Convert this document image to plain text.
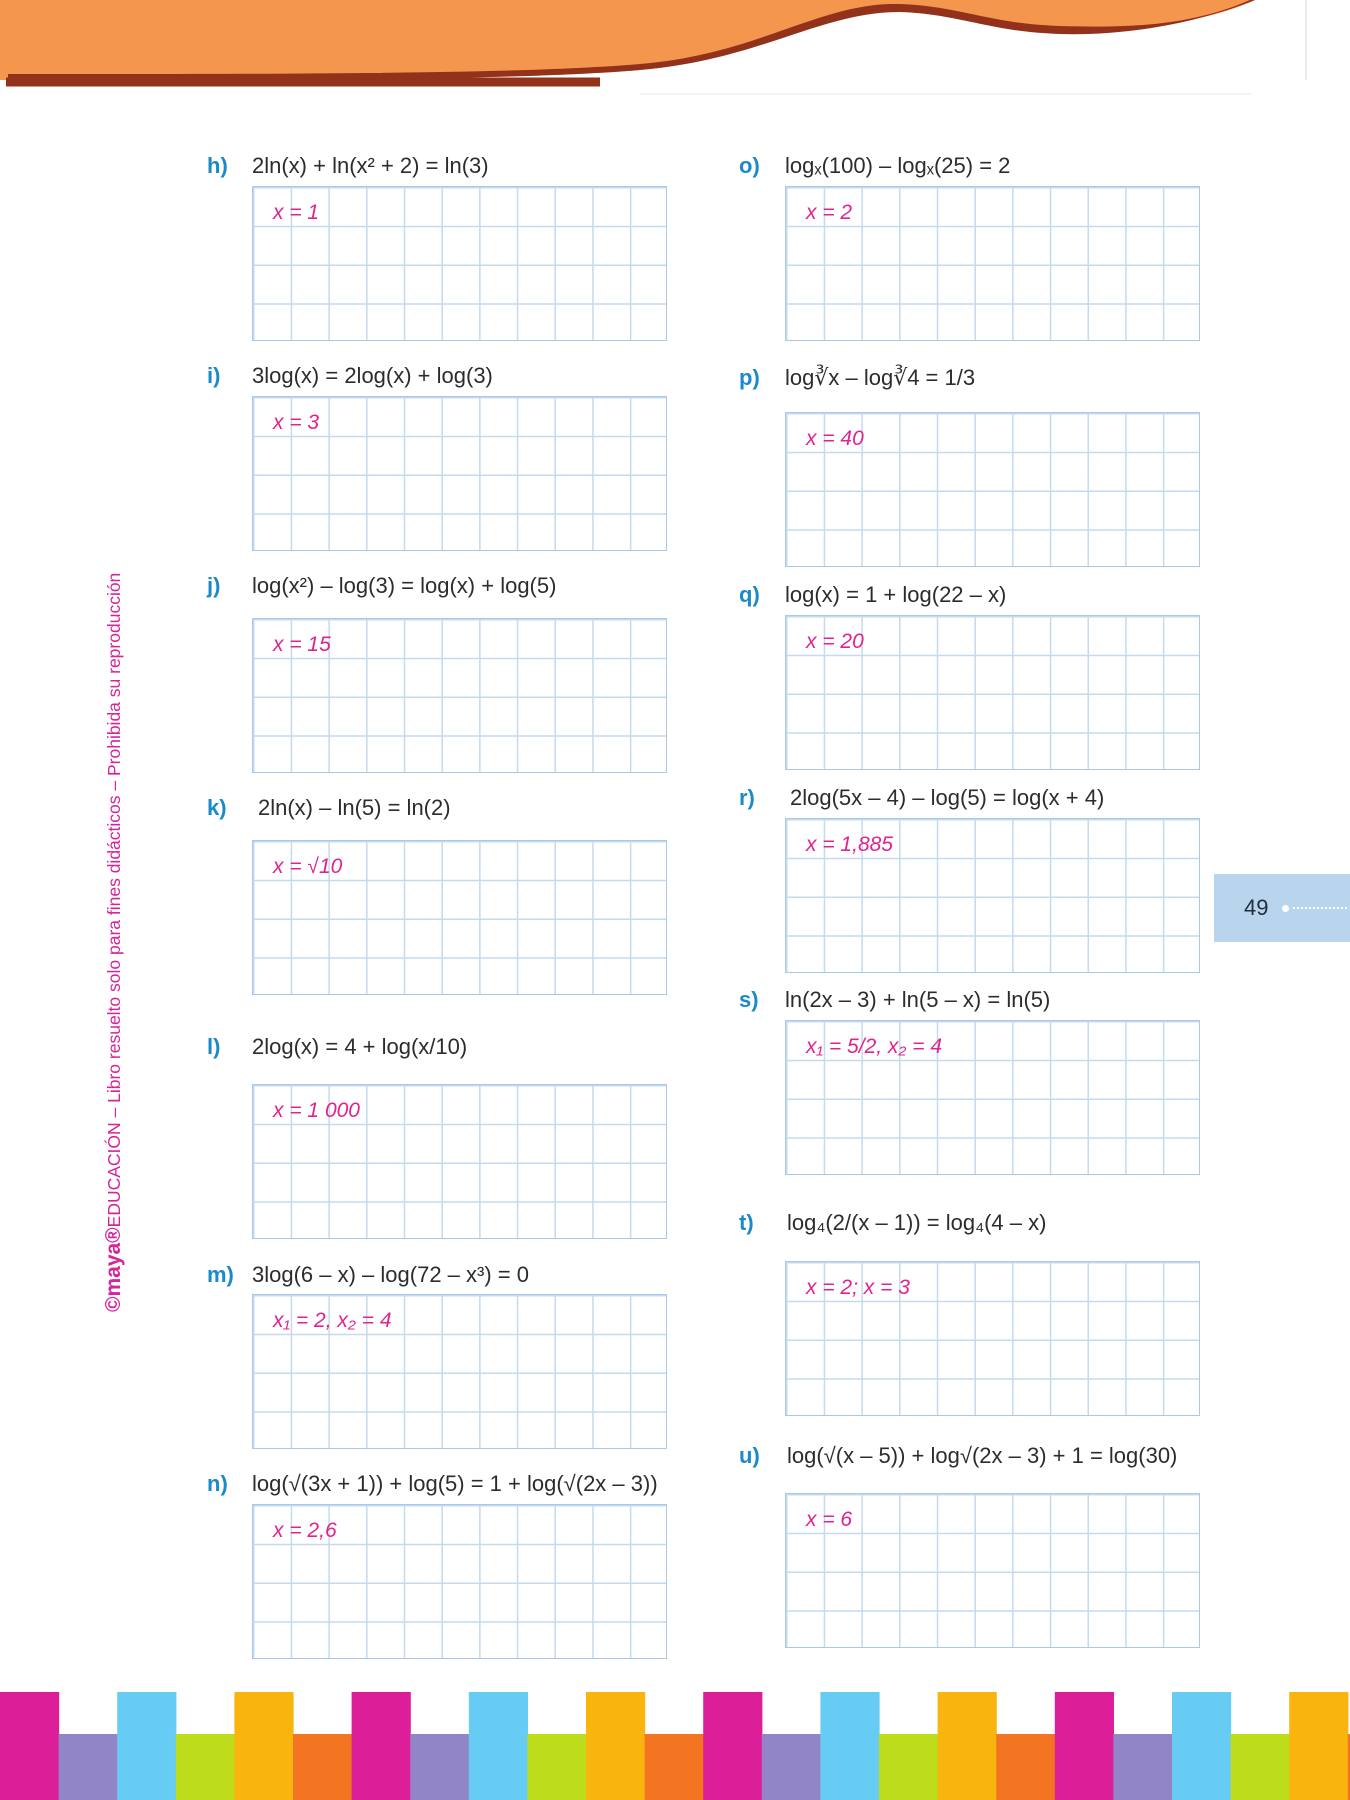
©maya®EDUCACIÓN – Libro resuelto solo para fines didácticos – Prohibida su reproducción	49
h) 2ln(x) + ln(x² + 2) = ln(3)
x = 1
i) 3log(x) = 2log(x) + log(3)
x = 3
j) log(x²) – log(3) = log(x) + log(5)
x = 15
k) 2ln(x) – ln(5) = ln(2)
x = √10
l) 2log(x) = 4 + log(x/10)
x = 1 000
m) 3log(6 – x) – log(72 – x³) = 0
x₁ = 2, x₂ = 4
n) log(√(3x + 1)) + log(5) = 1 + log(√(2x – 3))
x = 2,6
o) logₓ(100) – logₓ(25) = 2
x = 2
p) log∛x – log∛4 = 1/3
x = 40
q) log(x) = 1 + log(22 – x)
x = 20
r) 2log(5x – 4) – log(5) = log(x + 4)
x = 1,885
s) ln(2x – 3) + ln(5 – x) = ln(5)
x₁ = 5/2, x₂ = 4
t) log₄(2/(x – 1)) = log₄(4 – x)
x = 2; x = 3
u) log(√(x – 5)) + log√(2x – 3) + 1 = log(30)
x = 6
